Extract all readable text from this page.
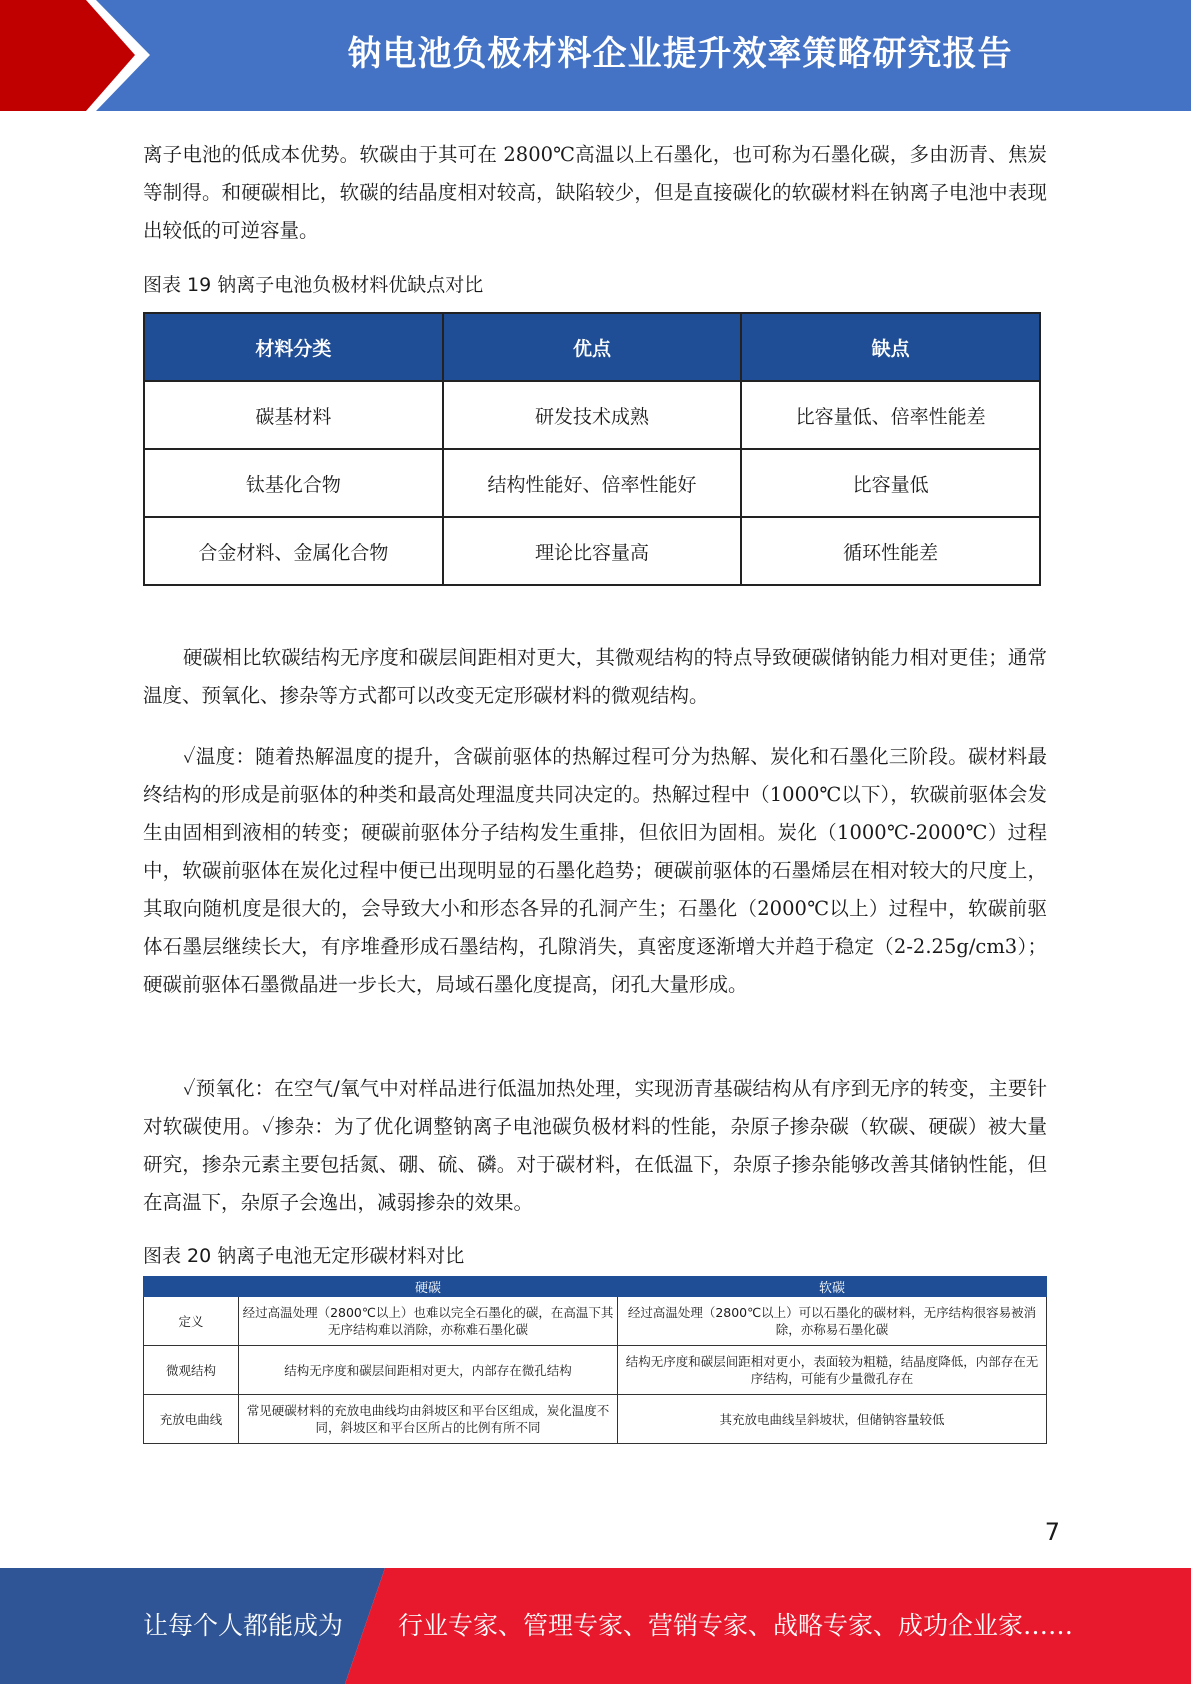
钠电池负极材料企业提升效率策略研究报告

离子电池的低成本优势。软碳由于其可在 2800℃高温以上石墨化，也可称为石墨化碳，多由沥青、焦炭等制得。和硬碳相比，软碳的结晶度相对较高，缺陷较少，但是直接碳化的软碳材料在钠离子电池中表现出较低的可逆容量。

图表 19 钠离子电池负极材料优缺点对比

材料分类	优点	缺点
碳基材料	研发技术成熟	比容量低、倍率性能差
钛基化合物	结构性能好、倍率性能好	比容量低
合金材料、金属化合物	理论比容量高	循环性能差

硬碳相比软碳结构无序度和碳层间距相对更大，其微观结构的特点导致硬碳储钠能力相对更佳；通常温度、预氧化、掺杂等方式都可以改变无定形碳材料的微观结构。

✓温度：随着热解温度的提升，含碳前驱体的热解过程可分为热解、炭化和石墨化三阶段。碳材料最终结构的形成是前驱体的种类和最高处理温度共同决定的。热解过程中（1000℃以下），软碳前驱体会发生由固相到液相的转变；硬碳前驱体分子结构发生重排，但依旧为固相。炭化（1000℃-2000℃）过程中，软碳前驱体在炭化过程中便已出现明显的石墨化趋势；硬碳前驱体的石墨烯层在相对较大的尺度上，其取向随机度是很大的，会导致大小和形态各异的孔洞产生；石墨化（2000℃以上）过程中，软碳前驱体石墨层继续长大，有序堆叠形成石墨结构，孔隙消失，真密度逐渐增大并趋于稳定（2-2.25g/cm3）；硬碳前驱体石墨微晶进一步长大，局域石墨化度提高，闭孔大量形成。

✓预氧化：在空气/氧气中对样品进行低温加热处理，实现沥青基碳结构从有序到无序的转变，主要针对软碳使用。✓掺杂：为了优化调整钠离子电池碳负极材料的性能，杂原子掺杂碳（软碳、硬碳）被大量研究，掺杂元素主要包括氮、硼、硫、磷。对于碳材料，在低温下，杂原子掺杂能够改善其储钠性能，但在高温下，杂原子会逸出，减弱掺杂的效果。

图表 20 钠离子电池无定形碳材料对比

	硬碳	软碳
定义	经过高温处理（2800℃以上）也难以完全石墨化的碳，在高温下其无序结构难以消除，亦称难石墨化碳	经过高温处理（2800℃以上）可以石墨化的碳材料，无序结构很容易被消除，亦称易石墨化碳
微观结构	结构无序度和碳层间距相对更大，内部存在微孔结构	结构无序度和碳层间距相对更小，表面较为粗糙，结晶度降低，内部存在无序结构，可能有少量微孔存在
充放电曲线	常见硬碳材料的充放电曲线均由斜坡区和平台区组成，炭化温度不同，斜坡区和平台区所占的比例有所不同	其充放电曲线呈斜坡状，但储钠容量较低
7
让每个人都能成为 行业专家、管理专家、营销专家、战略专家、成功企业家……
